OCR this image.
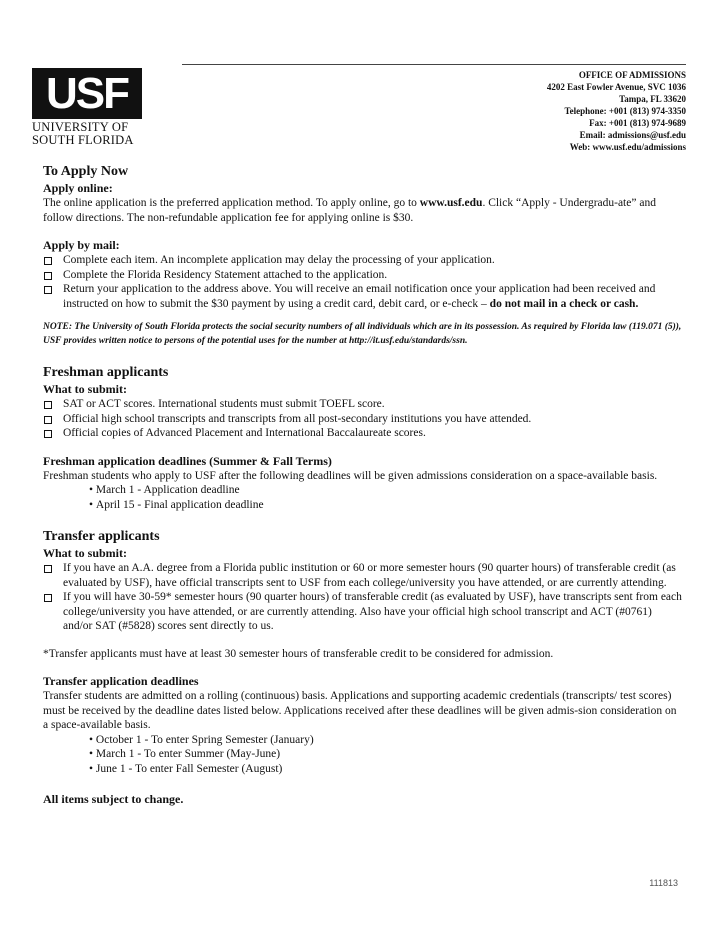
USF
UNIVERSITY OF
SOUTH FLORIDA
OFFICE OF ADMISSIONS
4202 East Fowler Avenue, SVC 1036
Tampa, FL 33620
Telephone: +001 (813) 974-3350
Fax: +001 (813) 974-9689
Email: admissions@usf.edu
Web: www.usf.edu/admissions
To Apply Now
Apply online:

The online application is the preferred application method. To apply online, go to www.usf.edu. Click “Apply - Undergradu-ate” and follow directions. The non-refundable application fee for applying online is $30.

Apply by mail:
Complete each item. An incomplete application may delay the processing of your application.
Complete the Florida Residency Statement attached to the application.
Return your application to the address above. You will receive an email notification once your application had been received and instructed on how to submit the $30 payment by using a credit card, debit card, or e-check – do not mail in a check or cash.

NOTE: The University of South Florida protects the social security numbers of all individuals which are in its possession. As required by Florida law (119.071 (5)), USF provides written notice to persons of the potential uses for the number at http://it.usf.edu/standards/ssn.

Freshman applicants
What to submit:
SAT or ACT scores. International students must submit TOEFL score.
Official high school transcripts and transcripts from all post-secondary institutions you have attended.
Official copies of Advanced Placement and International Baccalaureate scores.
Freshman application deadlines (Summer & Fall Terms)

Freshman students who apply to USF after the following deadlines will be given admissions consideration on a space-available basis.

• March 1 - Application deadline
• April 15 - Final application deadline
Transfer applicants
What to submit:
If you have an A.A. degree from a Florida public institution or 60 or more semester hours (90 quarter hours) of transferable credit (as evaluated by USF), have official transcripts sent to USF from each college/university you have attended, or are currently attending.
If you will have 30-59* semester hours (90 quarter hours) of transferable credit (as evaluated by USF), have transcripts sent from each college/university you have attended, or are currently attending. Also have your official high school transcript and ACT (#0761) and/or SAT (#5828) scores sent directly to us.

*Transfer applicants must have at least 30 semester hours of transferable credit to be considered for admission.

Transfer application deadlines

Transfer students are admitted on a rolling (continuous) basis. Applications and supporting academic credentials (transcripts/ test scores) must be received by the deadline dates listed below. Applications received after these deadlines will be given admis-sion consideration on a space-available basis.

• October 1 - To enter Spring Semester (January)
• March 1 - To enter Summer (May-June)
• June 1 - To enter Fall Semester (August)
All items subject to change.
111813
